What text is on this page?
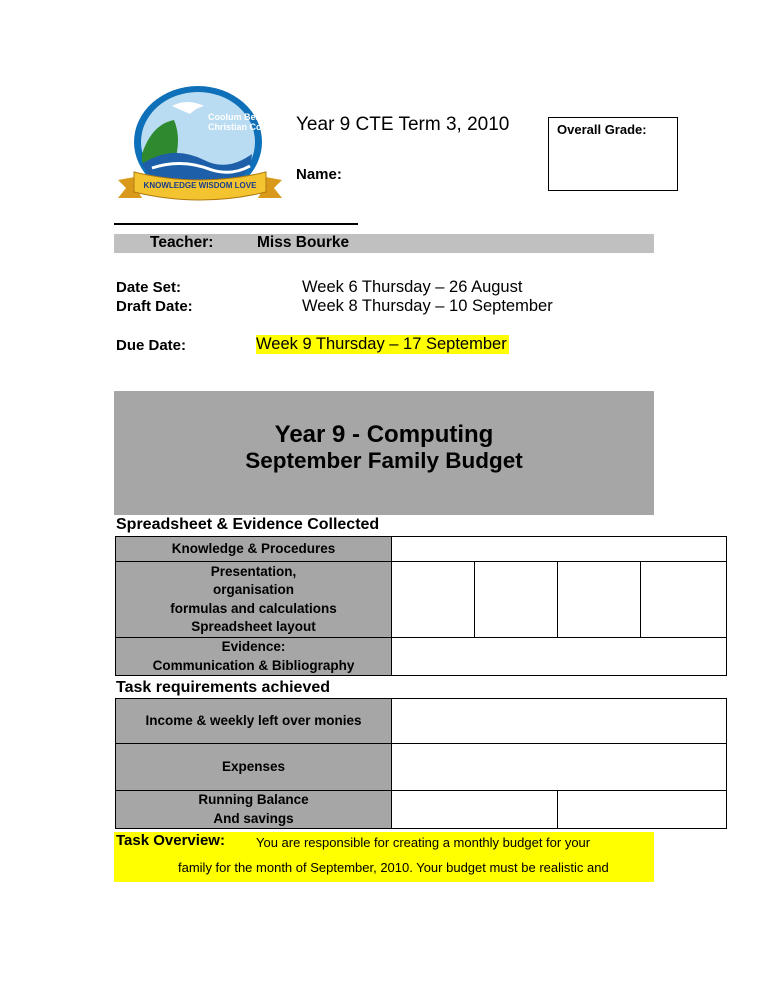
Coolum Beach
Christian College
KNOWLEDGE WISDOM LOVE
Year 9 CTE Term 3, 2010	Overall Grade:
Name:
Teacher:	Miss Bourke
Date Set:	Week 6 Thursday – 26 August
Draft Date:	Week 8 Thursday – 10 September
Due Date:	Week 9 Thursday – 17 September
Year 9 - Computing
September Family Budget
Spreadsheet & Evidence Collected
Knowledge & Procedures				

Presentation,
organisation
formulas and calculations
Spreadsheet layout				

Evidence:
Communication & Bibliography				

Task requirements achieved
Income & weekly left over monies		
Expenses		

Running Balance
And savings		

Task Overview: You are responsible for creating a monthly budget for your
family for the month of September, 2010. Your budget must be realistic and
